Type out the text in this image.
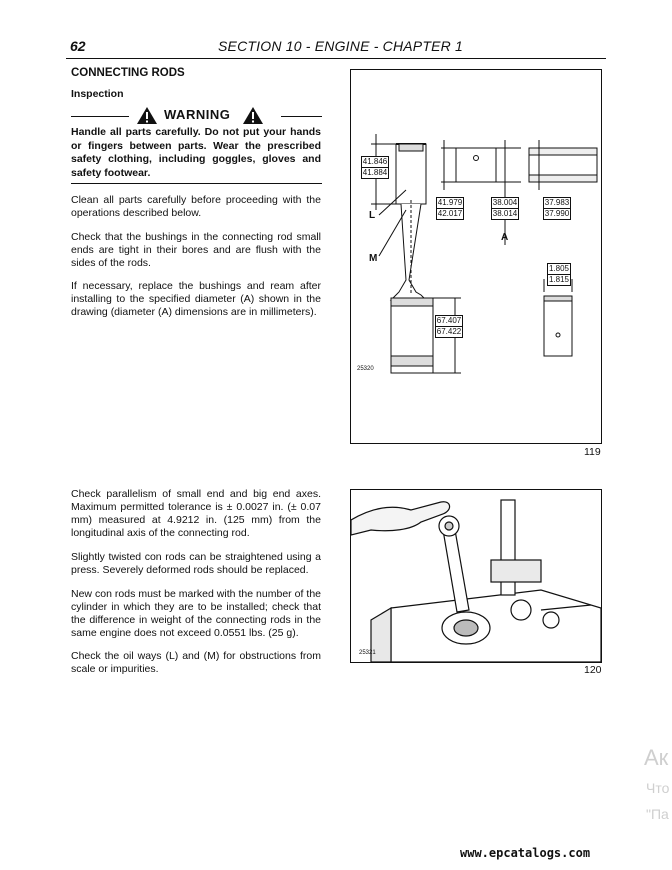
62	SECTION 10 - ENGINE - CHAPTER 1
CONNECTING RODS
Inspection
WARNING
Handle all parts carefully. Do not put your hands or fingers between parts. Wear the prescribed safety clothing, including goggles, gloves and safety footwear.
Clean all parts carefully before proceeding with the operations described below.
Check that the bushings in the connecting rod small ends are tight in their bores and are flush with the sides of the rods.
If necessary, replace the bushings and ream after installing to the specified diameter (A) shown in the drawing (diameter (A) dimensions are in millimeters).
41.846
41.884
41.979
42.017
38.004
38.014
37.983
37.990
1.805
1.815
67.407
67.422
L
M
A
25320
119
Check parallelism of small end and big end axes. Maximum permitted tolerance is ± 0.0027 in. (± 0.07 mm) measured at 4.9212 in. (125 mm) from the longitudinal axis of the connecting rod.
Slightly twisted con rods can be straightened using a press. Severely deformed rods should be replaced.
New con rods must be marked with the number of the cylinder in which they are to be installed; check that the difference in weight of the connecting rods in the same engine does not exceed 0.0551 lbs. (25 g).
Check the oil ways (L) and (M) for obstructions from scale or impurities.
25321
120
Ак
Что
"Па
www.epcatalogs.com
